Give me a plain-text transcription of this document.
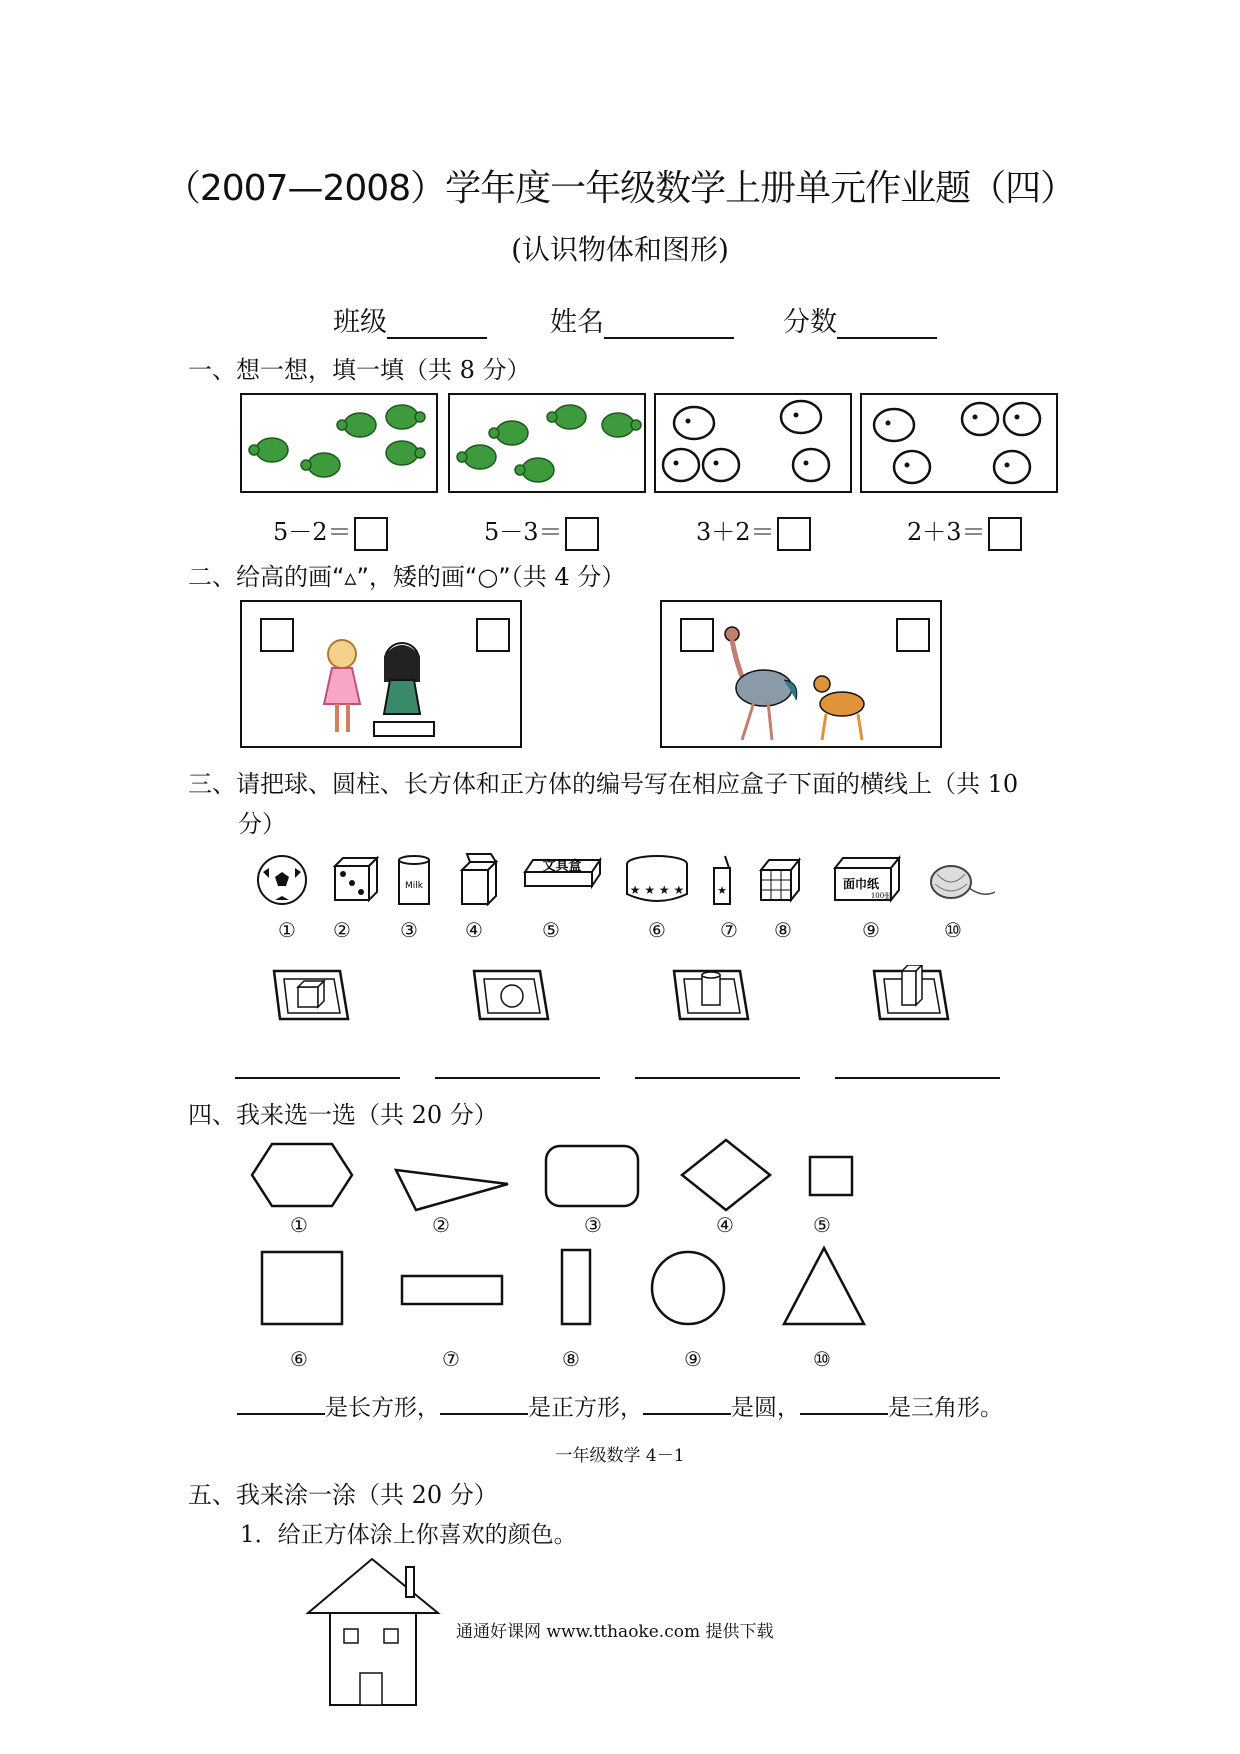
（2007—2008）学年度一年级数学上册单元作业题（四）
(认识物体和图形)
班级	姓名	分数
一、想一想，填一填（共 8 分）
5－2＝	5－3＝	3＋2＝	2＋3＝
二、给高的画“▵”，矮的画“○”（共 4 分）
三、请把球、圆柱、长方体和正方体的编号写在相应盒子下面的横线上（共 10
分）
Milk
文具盒
★ ★ ★ ★	★	面巾纸
100张
① ② ③ ④	⑤	⑥	⑦ ⑧	⑨	⑩
四、我来选一选（共 20 分）
①	②	③	④	⑤
⑥	⑦	⑧	⑨	⑩
是长方形，	是正方形，	是圆，	是三角形。
一年级数学 4－1
五、我来涂一涂（共 20 分）
1．给正方体涂上你喜欢的颜色。
通通好课网 www.tthaoke.com 提供下载
